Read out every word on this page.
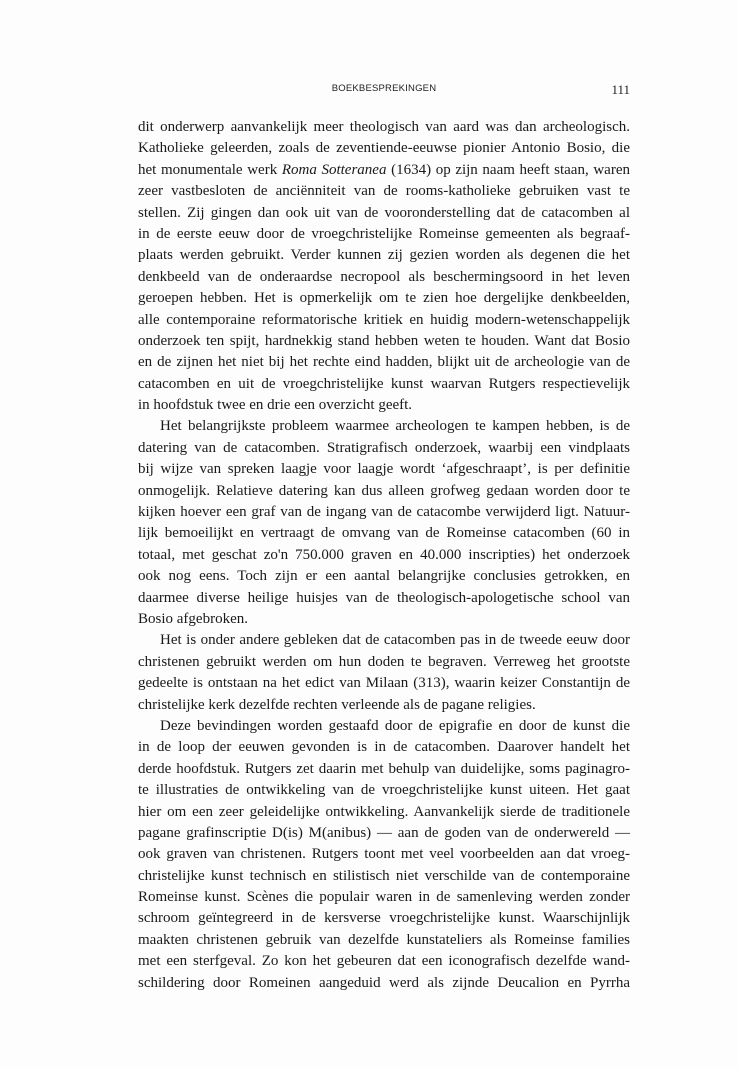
BOEKBESPREKINGEN	111
dit onderwerp aanvankelijk meer theologisch van aard was dan archeologisch.
Katholieke geleerden, zoals de zeventiende-eeuwse pionier Antonio Bosio, die
het monumentale werk Roma Sotteranea (1634) op zijn naam heeft staan, waren
zeer vastbesloten de anciënniteit van de rooms-katholieke gebruiken vast te
stellen. Zij gingen dan ook uit van de vooronderstelling dat de catacomben al
in de eerste eeuw door de vroegchristelijke Romeinse gemeenten als begraaf-
plaats werden gebruikt. Verder kunnen zij gezien worden als degenen die het
denkbeeld van de onderaardse necropool als beschermingsoord in het leven
geroepen hebben. Het is opmerkelijk om te zien hoe dergelijke denkbeelden,
alle contemporaine reformatorische kritiek en huidig modern-wetenschappelijk
onderzoek ten spijt, hardnekkig stand hebben weten te houden. Want dat Bosio
en de zijnen het niet bij het rechte eind hadden, blijkt uit de archeologie van de
catacomben en uit de vroegchristelijke kunst waarvan Rutgers respectievelijk
in hoofdstuk twee en drie een overzicht geeft.
Het belangrijkste probleem waarmee archeologen te kampen hebben, is de
datering van de catacomben. Stratigrafisch onderzoek, waarbij een vindplaats
bij wijze van spreken laagje voor laagje wordt ‘afgeschraapt’, is per definitie
onmogelijk. Relatieve datering kan dus alleen grofweg gedaan worden door te
kijken hoever een graf van de ingang van de catacombe verwijderd ligt. Natuur-
lijk bemoeilijkt en vertraagt de omvang van de Romeinse catacomben (60 in
totaal, met geschat zo'n 750.000 graven en 40.000 inscripties) het onderzoek
ook nog eens. Toch zijn er een aantal belangrijke conclusies getrokken, en
daarmee diverse heilige huisjes van de theologisch-apologetische school van
Bosio afgebroken.
Het is onder andere gebleken dat de catacomben pas in de tweede eeuw door
christenen gebruikt werden om hun doden te begraven. Verreweg het grootste
gedeelte is ontstaan na het edict van Milaan (313), waarin keizer Constantijn de
christelijke kerk dezelfde rechten verleende als de pagane religies.
Deze bevindingen worden gestaafd door de epigrafie en door de kunst die
in de loop der eeuwen gevonden is in de catacomben. Daarover handelt het
derde hoofdstuk. Rutgers zet daarin met behulp van duidelijke, soms paginagro-
te illustraties de ontwikkeling van de vroegchristelijke kunst uiteen. Het gaat
hier om een zeer geleidelijke ontwikkeling. Aanvankelijk sierde de traditionele
pagane grafinscriptie D(is) M(anibus) — aan de goden van de onderwereld —
ook graven van christenen. Rutgers toont met veel voorbeelden aan dat vroeg-
christelijke kunst technisch en stilistisch niet verschilde van de contemporaine
Romeinse kunst. Scènes die populair waren in de samenleving werden zonder
schroom geïntegreerd in de kersverse vroegchristelijke kunst. Waarschijnlijk
maakten christenen gebruik van dezelfde kunstateliers als Romeinse families
met een sterfgeval. Zo kon het gebeuren dat een iconografisch dezelfde wand-
schildering door Romeinen aangeduid werd als zijnde Deucalion en Pyrrha
